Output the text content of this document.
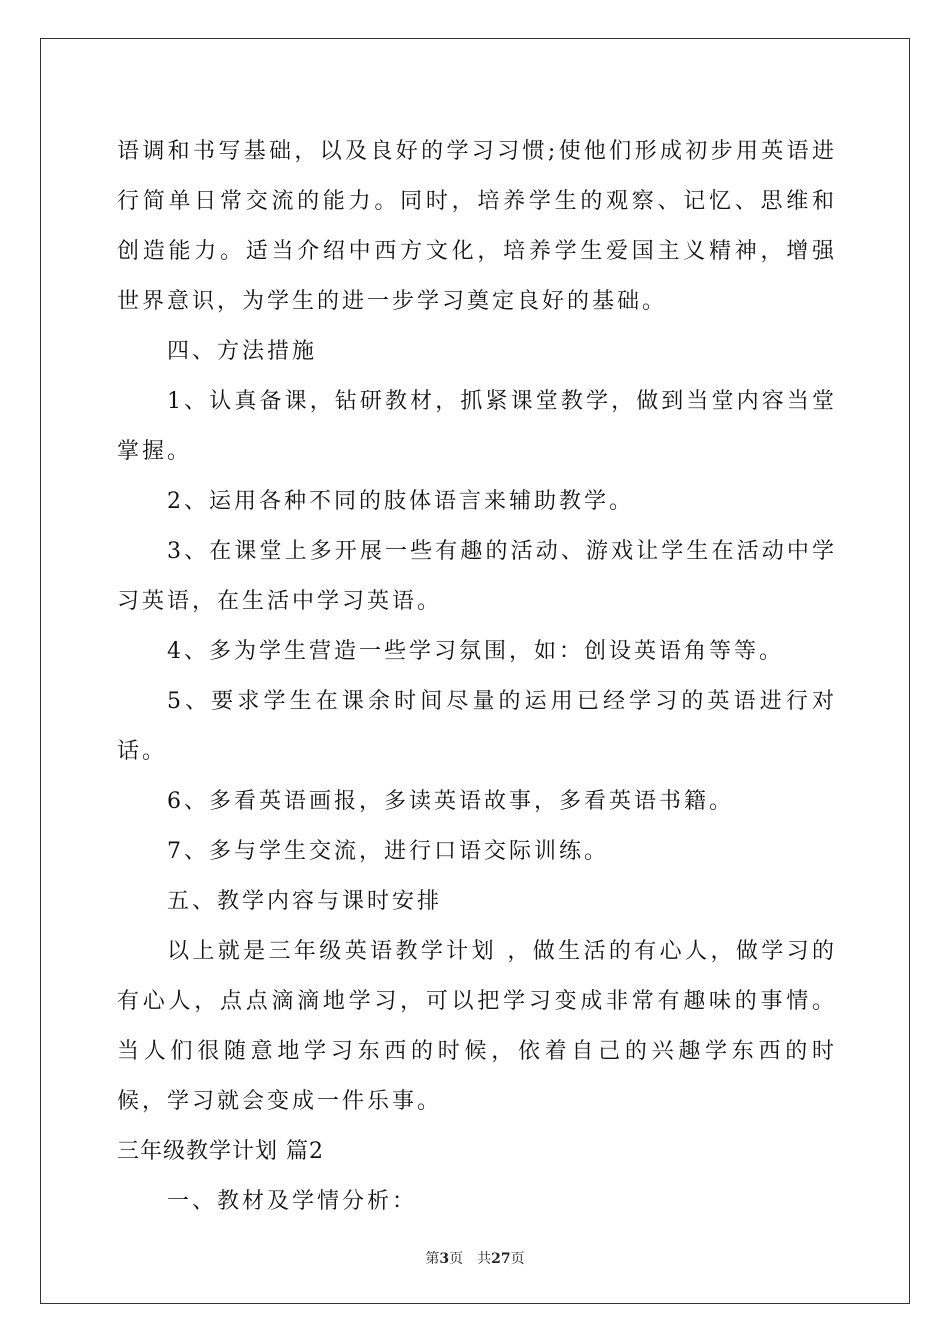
语调和书写基础，以及良好的学习习惯;使他们形成初步用英语进行简单日常交流的能力。同时，培养学生的观察、记忆、思维和创造能力。适当介绍中西方文化，培养学生爱国主义精神，增强世界意识，为学生的进一步学习奠定良好的基础。

四、方法措施

1、认真备课，钻研教材，抓紧课堂教学，做到当堂内容当堂掌握。

2、运用各种不同的肢体语言来辅助教学。

3、在课堂上多开展一些有趣的活动、游戏让学生在活动中学习英语，在生活中学习英语。

4、多为学生营造一些学习氛围，如：创设英语角等等。

5、要求学生在课余时间尽量的运用已经学习的英语进行对话。

6、多看英语画报，多读英语故事，多看英语书籍。

7、多与学生交流，进行口语交际训练。

五、教学内容与课时安排

以上就是三年级英语教学计划 ，做生活的有心人，做学习的有心人，点点滴滴地学习，可以把学习变成非常有趣味的事情。当人们很随意地学习东西的时候，依着自己的兴趣学东西的时候，学习就会变成一件乐事。

三年级教学计划 篇2

一、教材及学情分析：

第3页　共27页
